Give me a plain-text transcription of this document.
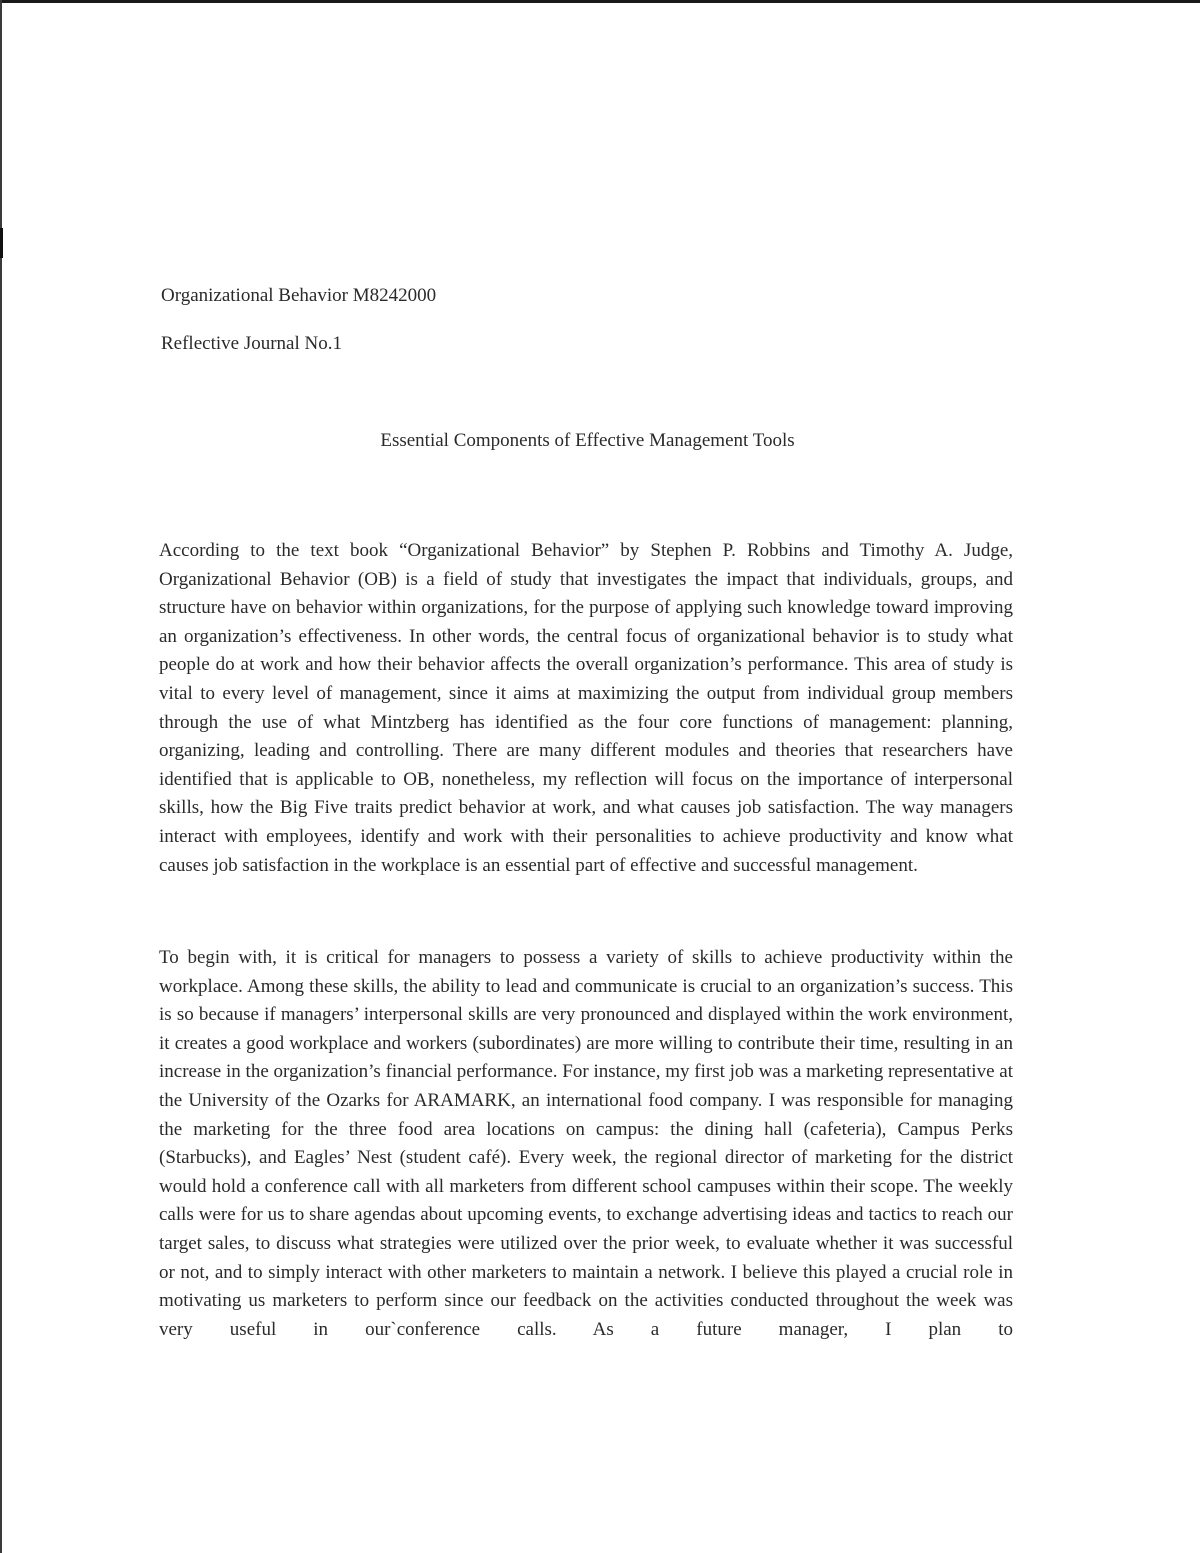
Organizational Behavior M8242000
Reflective Journal No.1
Essential Components of Effective Management Tools

According to the text book “Organizational Behavior” by Stephen P. Robbins and Timothy A. Judge, Organizational Behavior (OB) is a field of study that investigates the impact that individuals, groups, and structure have on behavior within organizations, for the purpose of applying such knowledge toward improving an organization’s effectiveness. In other words, the central focus of organizational behavior is to study what people do at work and how their behavior affects the overall organization’s performance. This area of study is vital to every level of management, since it aims at maximizing the output from individual group members through the use of what Mintzberg has identified as the four core functions of management: planning, organizing, leading and controlling. There are many different modules and theories that researchers have identified that is applicable to OB, nonetheless, my reflection will focus on the importance of interpersonal skills, how the Big Five traits predict behavior at work, and what causes job satisfaction. The way managers interact with employees, identify and work with their personalities to achieve productivity and know what causes job satisfaction in the workplace is an essential part of effective and successful management.

To begin with, it is critical for managers to possess a variety of skills to achieve productivity within the workplace. Among these skills, the ability to lead and communicate is crucial to an organization’s success. This is so because if managers’ interpersonal skills are very pronounced and displayed within the work environment, it creates a good workplace and workers (subordinates) are more willing to contribute their time, resulting in an increase in the organization’s financial performance. For instance, my first job was a marketing representative at the University of the Ozarks for ARAMARK, an international food company. I was responsible for managing the marketing for the three food area locations on campus: the dining hall (cafeteria), Campus Perks (Starbucks), and Eagles’ Nest (student café). Every week, the regional director of marketing for the district would hold a conference call with all marketers from different school campuses within their scope. The weekly calls were for us to share agendas about upcoming events, to exchange advertising ideas and tactics to reach our target sales, to discuss what strategies were utilized over the prior week, to evaluate whether it was successful or not, and to simply interact with other marketers to maintain a network. I believe this played a crucial role in motivating us marketers to perform since our feedback on the activities conducted throughout the week was very useful in our`conference calls. As a future manager, I plan to
